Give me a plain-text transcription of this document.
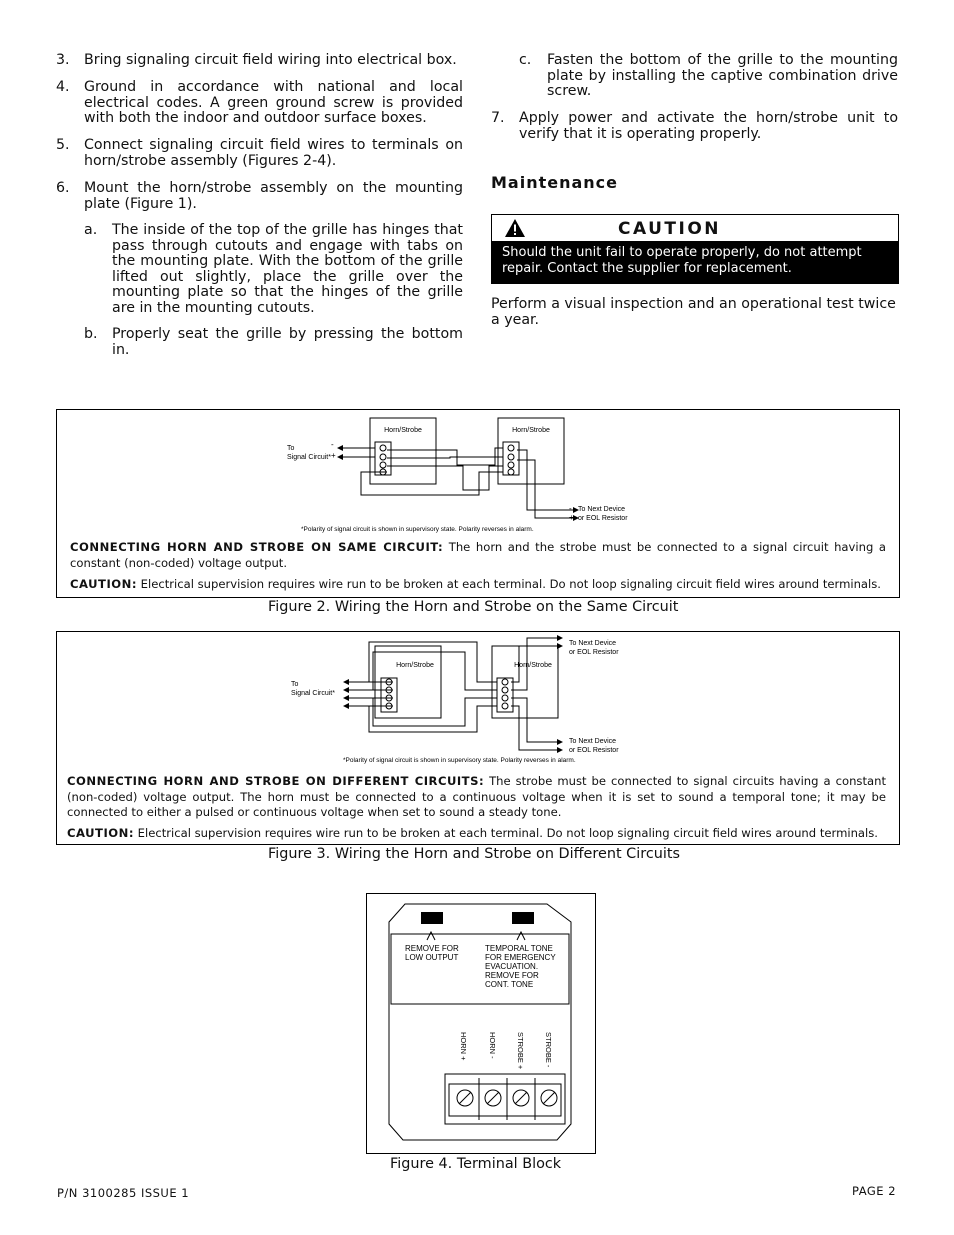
3. Bring signaling circuit field wiring into electrical box.
4. Ground in accordance with national and local electrical codes. A green ground screw is provided with both the indoor and outdoor surface boxes.
5. Connect signaling circuit field wires to terminals on horn/strobe assembly (Figures 2-4).
6. Mount the horn/strobe assembly on the mounting plate (Figure 1).
a. The inside of the top of the grille has hinges that pass through cutouts and engage with tabs on the mounting plate. With the bottom of the grille lifted out slightly, place the grille over the mounting plate so that the hinges of the grille are in the mounting cutouts.
b. Properly seat the grille by pressing the bottom in.
c. Fasten the bottom of the grille to the mounting plate by installing the captive combination drive screw.
7. Apply power and activate the horn/strobe unit to verify that it is operating properly.
Maintenance
CAUTION
Should the unit fail to operate properly, do not attempt repair. Contact the supplier for replacement.
Perform a visual inspection and an operational test twice a year.
Horn/Strobe	Horn/Strobe
To
Signal Circuit*
-
+
-
+
To Next Device
or EOL Resistor
*Polarity of signal circuit is shown in supervisory state. Polarity reverses in alarm.
CONNECTING HORN AND STROBE ON SAME CIRCUIT: The horn and the strobe must be connected to a signal circuit having a constant (non-coded) voltage output.
CAUTION: Electrical supervision requires wire run to be broken at each terminal. Do not loop signaling circuit field wires around terminals.
Figure 2. Wiring the Horn and Strobe on the Same Circuit
Horn/Strobe	Horn/Strobe
To
Signal Circuit*
To Next Device
or EOL Resistor
To Next Device
or EOL Resistor
*Polarity of signal circuit is shown in supervisory state. Polarity reverses in alarm.
CONNECTING HORN AND STROBE ON DIFFERENT CIRCUITS: The strobe must be connected to signal circuits having a constant (non-coded) voltage output. The horn must be connected to a continuous voltage when it is set to sound a temporal tone; it may be connected to either a pulsed or continuous voltage when set to sound a steady tone.
CAUTION: Electrical supervision requires wire run to be broken at each terminal. Do not loop signaling circuit field wires around terminals.
Figure 3. Wiring the Horn and Strobe on Different Circuits
REMOVE FOR
LOW OUTPUT
TEMPORAL TONE
FOR EMERGENCY
EVACUATION.
REMOVE FOR
CONT. TONE
HORN +	HORN -	STROBE +	STROBE -
Figure 4. Terminal Block
P/N 3100285 ISSUE 1	PAGE 2
